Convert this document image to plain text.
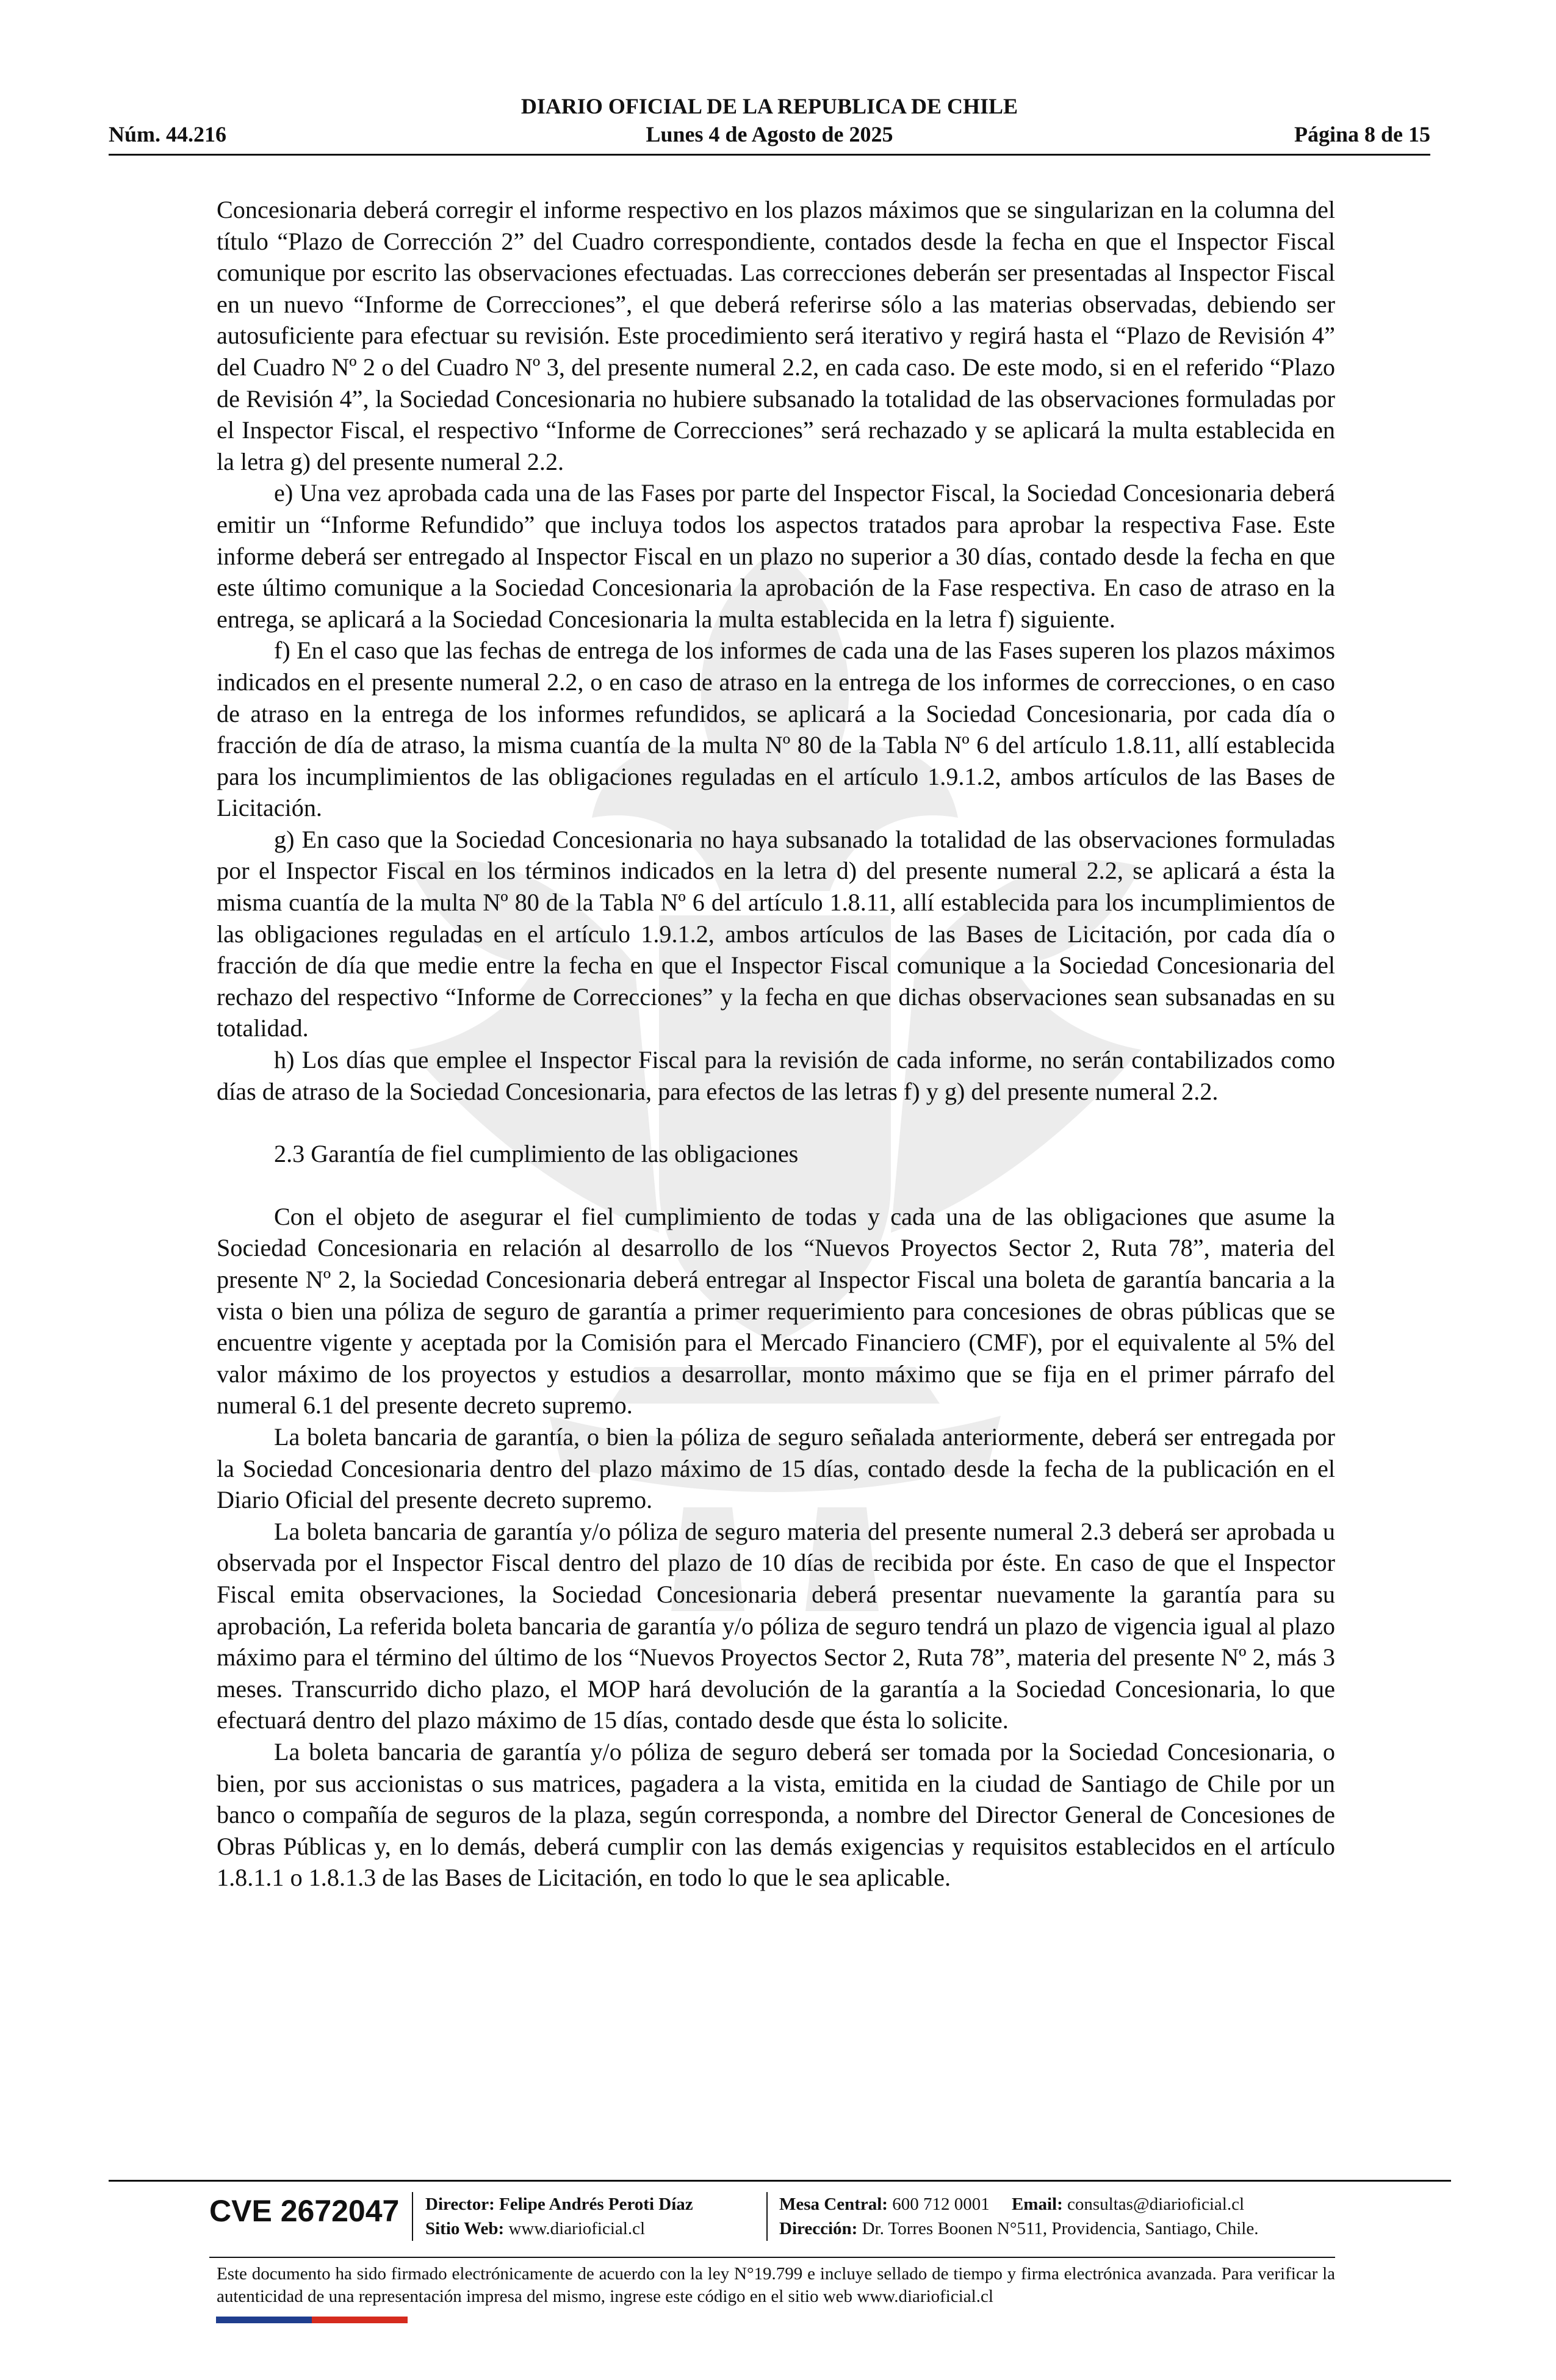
DIARIO OFICIAL DE LA REPUBLICA DE CHILE
Núm. 44.216	Lunes 4 de Agosto de 2025	Página 8 de 15

Concesionaria deberá corregir el informe respectivo en los plazos máximos que se singularizan en la columna del título “Plazo de Corrección 2” del Cuadro correspondiente, contados desde la fecha en que el Inspector Fiscal comunique por escrito las observaciones efectuadas. Las correcciones deberán ser presentadas al Inspector Fiscal en un nuevo “Informe de Correcciones”, el que deberá referirse sólo a las materias observadas, debiendo ser autosuficiente para efectuar su revisión. Este procedimiento será iterativo y regirá hasta el “Plazo de Revisión 4” del Cuadro Nº 2 o del Cuadro Nº 3, del presente numeral 2.2, en cada caso. De este modo, si en el referido “Plazo de Revisión 4”, la Sociedad Concesionaria no hubiere subsanado la totalidad de las observaciones formuladas por el Inspector Fiscal, el respectivo “Informe de Correcciones” será rechazado y se aplicará la multa establecida en la letra g) del presente numeral 2.2.

e) Una vez aprobada cada una de las Fases por parte del Inspector Fiscal, la Sociedad Concesionaria deberá emitir un “Informe Refundido” que incluya todos los aspectos tratados para aprobar la respectiva Fase. Este informe deberá ser entregado al Inspector Fiscal en un plazo no superior a 30 días, contado desde la fecha en que este último comunique a la Sociedad Concesionaria la aprobación de la Fase respectiva. En caso de atraso en la entrega, se aplicará a la Sociedad Concesionaria la multa establecida en la letra f) siguiente.

f) En el caso que las fechas de entrega de los informes de cada una de las Fases superen los plazos máximos indicados en el presente numeral 2.2, o en caso de atraso en la entrega de los informes de correcciones, o en caso de atraso en la entrega de los informes refundidos, se aplicará a la Sociedad Concesionaria, por cada día o fracción de día de atraso, la misma cuantía de la multa Nº 80 de la Tabla Nº 6 del artículo 1.8.11, allí establecida para los incumplimientos de las obligaciones reguladas en el artículo 1.9.1.2, ambos artículos de las Bases de Licitación.

g) En caso que la Sociedad Concesionaria no haya subsanado la totalidad de las observaciones formuladas por el Inspector Fiscal en los términos indicados en la letra d) del presente numeral 2.2, se aplicará a ésta la misma cuantía de la multa Nº 80 de la Tabla Nº 6 del artículo 1.8.11, allí establecida para los incumplimientos de las obligaciones reguladas en el artículo 1.9.1.2, ambos artículos de las Bases de Licitación, por cada día o fracción de día que medie entre la fecha en que el Inspector Fiscal comunique a la Sociedad Concesionaria del rechazo del respectivo “Informe de Correcciones” y la fecha en que dichas observaciones sean subsanadas en su totalidad.

h) Los días que emplee el Inspector Fiscal para la revisión de cada informe, no serán contabilizados como días de atraso de la Sociedad Concesionaria, para efectos de las letras f) y g) del presente numeral 2.2.

2.3 Garantía de fiel cumplimiento de las obligaciones

Con el objeto de asegurar el fiel cumplimiento de todas y cada una de las obligaciones que asume la Sociedad Concesionaria en relación al desarrollo de los “Nuevos Proyectos Sector 2, Ruta 78”, materia del presente Nº 2, la Sociedad Concesionaria deberá entregar al Inspector Fiscal una boleta de garantía bancaria a la vista o bien una póliza de seguro de garantía a primer requerimiento para concesiones de obras públicas que se encuentre vigente y aceptada por la Comisión para el Mercado Financiero (CMF), por el equivalente al 5% del valor máximo de los proyectos y estudios a desarrollar, monto máximo que se fija en el primer párrafo del numeral 6.1 del presente decreto supremo.

La boleta bancaria de garantía, o bien la póliza de seguro señalada anteriormente, deberá ser entregada por la Sociedad Concesionaria dentro del plazo máximo de 15 días, contado desde la fecha de la publicación en el Diario Oficial del presente decreto supremo.

La boleta bancaria de garantía y/o póliza de seguro materia del presente numeral 2.3 deberá ser aprobada u observada por el Inspector Fiscal dentro del plazo de 10 días de recibida por éste. En caso de que el Inspector Fiscal emita observaciones, la Sociedad Concesionaria deberá presentar nuevamente la garantía para su aprobación, La referida boleta bancaria de garantía y/o póliza de seguro tendrá un plazo de vigencia igual al plazo máximo para el término del último de los “Nuevos Proyectos Sector 2, Ruta 78”, materia del presente Nº 2, más 3 meses. Transcurrido dicho plazo, el MOP hará devolución de la garantía a la Sociedad Concesionaria, lo que efectuará dentro del plazo máximo de 15 días, contado desde que ésta lo solicite.

La boleta bancaria de garantía y/o póliza de seguro deberá ser tomada por la Sociedad Concesionaria, o bien, por sus accionistas o sus matrices, pagadera a la vista, emitida en la ciudad de Santiago de Chile por un banco o compañía de seguros de la plaza, según corresponda, a nombre del Director General de Concesiones de Obras Públicas y, en lo demás, deberá cumplir con las demás exigencias y requisitos establecidos en el artículo 1.8.1.1 o 1.8.1.3 de las Bases de Licitación, en todo lo que le sea aplicable.

CVE 2672047 Director: Felipe Andrés Peroti Díaz
Sitio Web: www.diarioficial.cl
Mesa Central: 600 712 0001 Email: consultas@diarioficial.cl
Dirección: Dr. Torres Boonen N°511, Providencia, Santiago, Chile.
Este documento ha sido firmado electrónicamente de acuerdo con la ley N°19.799 e incluye sellado de tiempo y firma electrónica avanzada. Para verificar la autenticidad de una representación impresa del mismo, ingrese este código en el sitio web www.diarioficial.cl
